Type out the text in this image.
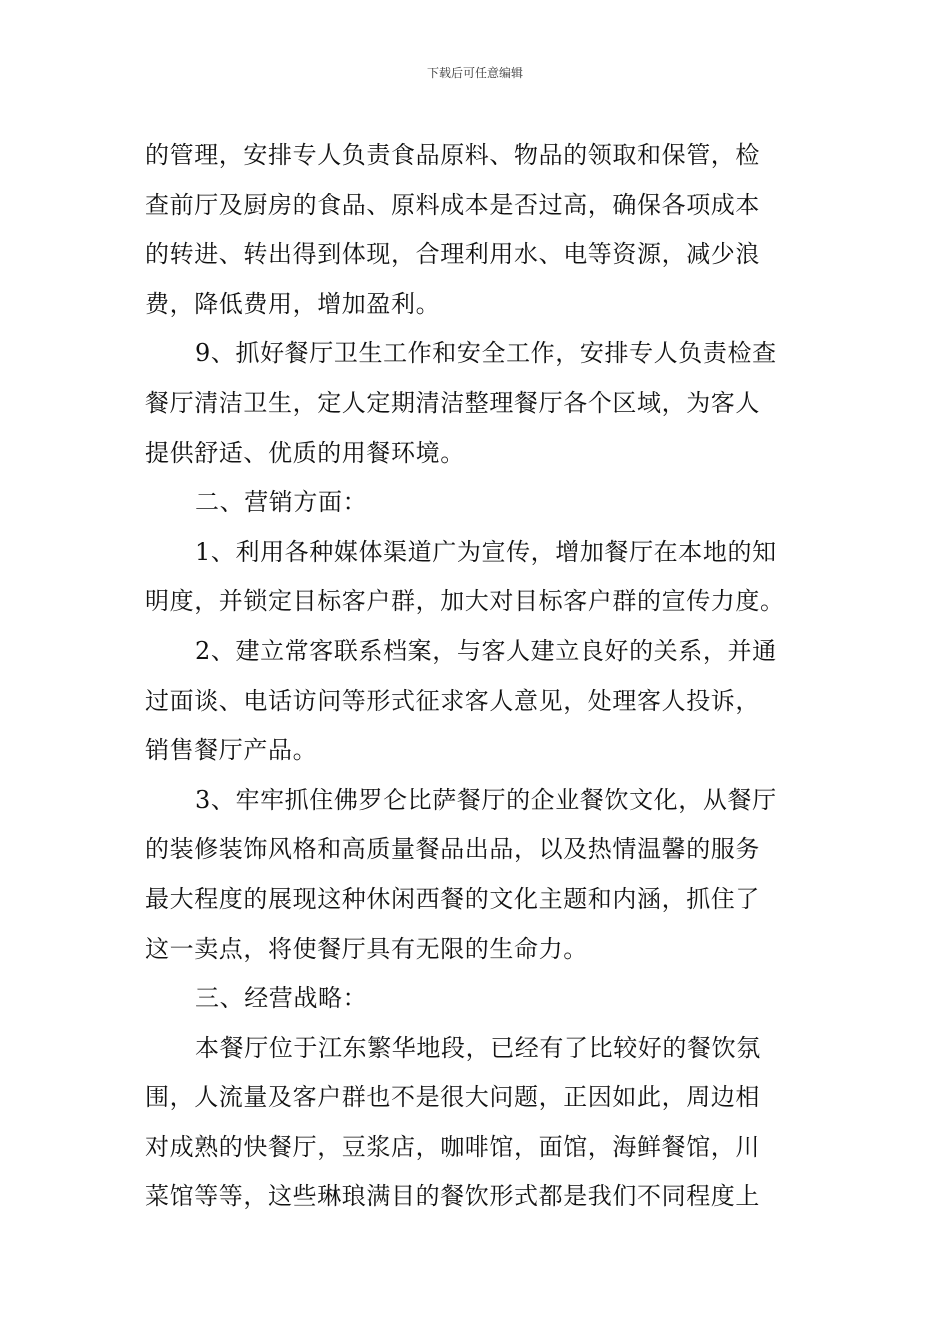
下载后可任意编辑
的管理，安排专人负责食品原料、物品的领取和保管，检
查前厅及厨房的食品、原料成本是否过高，确保各项成本
的转进、转出得到体现，合理利用水、电等资源，减少浪
费，降低费用，增加盈利。
9、抓好餐厅卫生工作和安全工作，安排专人负责检查
餐厅清洁卫生，定人定期清洁整理餐厅各个区域，为客人
提供舒适、优质的用餐环境。
二、营销方面：
1、利用各种媒体渠道广为宣传，增加餐厅在本地的知
明度，并锁定目标客户群，加大对目标客户群的宣传力度。
2、建立常客联系档案，与客人建立良好的关系，并通
过面谈、电话访问等形式征求客人意见，处理客人投诉，
销售餐厅产品。
3、牢牢抓住佛罗仑比萨餐厅的企业餐饮文化，从餐厅
的装修装饰风格和高质量餐品出品，以及热情温馨的服务
最大程度的展现这种休闲西餐的文化主题和内涵，抓住了
这一卖点，将使餐厅具有无限的生命力。
三、经营战略：
本餐厅位于江东繁华地段，已经有了比较好的餐饮氛
围，人流量及客户群也不是很大问题，正因如此，周边相
对成熟的快餐厅，豆浆店，咖啡馆，面馆，海鲜餐馆，川
菜馆等等，这些琳琅满目的餐饮形式都是我们不同程度上
